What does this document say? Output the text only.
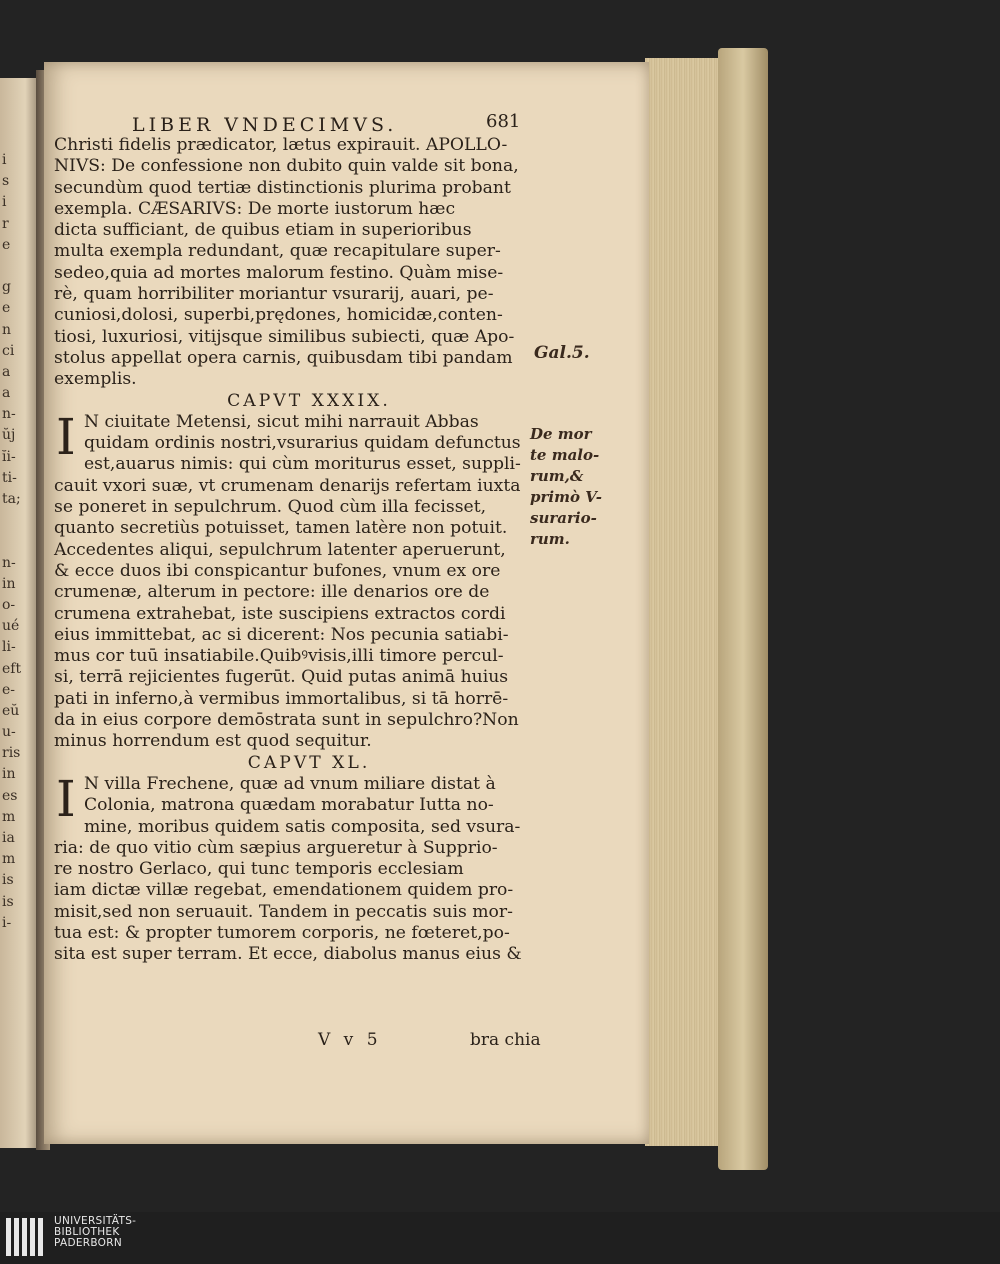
i
s
i
r
e
g
e
n
ci
a
a
n-
ŭj
ĭi-
ti-
ta;
n-
in
o-
ué
li-
eft
e-
eŭ
u-
ris
in
es
m
ia
m
is
is
i-
LIBER VNDECIMVS.	681
Christi fidelis prædicator, lætus expirauit. APOLLO-
NIVS: De confessione non dubito quin valde sit bona,
secundùm quod tertiæ distinctionis plurima probant
exempla. CÆSARIVS: De morte iustorum hæc
dicta sufficiant, de quibus etiam in superioribus
multa exempla redundant, quæ recapitulare super-
sedeo,quia ad mortes malorum festino. Quàm mise-
rè, quam horribiliter moriantur vsurarij, auari, pe-
cuniosi,dolosi, superbi,prędones, homicidæ,conten-
tiosi, luxuriosi, vitijsque similibus subiecti, quæ Apo-
stolus appellat opera carnis, quibusdam tibi pandam
exemplis.
CAPVT XXXIX.
N ciuitate Metensi, sicut mihi narrauit Abbas
quidam ordinis nostri,vsurarius quidam defunctus
est,auarus nimis: qui cùm moriturus esset, suppli-
cauit vxori suæ, vt crumenam denarijs refertam iuxta
se poneret in sepulchrum. Quod cùm illa fecisset,
quanto secretiùs potuisset, tamen latère non potuit.
Accedentes aliqui, sepulchrum latenter aperuerunt,
& ecce duos ibi conspicantur bufones, vnum ex ore
crumenæ, alterum in pectore: ille denarios ore de
crumena extrahebat, iste suscipiens extractos cordi
eius immittebat, ac si dicerent: Nos pecunia satiabi-
mus cor tuū insatiabile.Quibꝰvisis,illi timore percul-
si, terrā rejicientes fugerūt. Quid putas animā huius
pati in inferno,à vermibus immortalibus, si tā horrē-
da in eius corpore demōstrata sunt in sepulchro?Non
minus horrendum est quod sequitur.
I
CAPVT XL.
N villa Frechene, quæ ad vnum miliare distat à
Colonia, matrona quædam morabatur Iutta no-
mine, moribus quidem satis composita, sed vsura-
ria: de quo vitio cùm sæpius argueretur à Supprio-
re nostro Gerlaco, qui tunc temporis ecclesiam
iam dictæ villæ regebat, emendationem quidem pro-
misit,sed non seruauit. Tandem in peccatis suis mor-
tua est: & propter tumorem corporis, ne fœteret,po-
sita est super terram. Et ecce, diabolus manus eius &
I
Gal.5.
De mor
te malo-
rum,&
primò V-
surario-
rum.
V v 5	bra chia
UNIVERSITÄTS-
BIBLIOTHEK
PADERBORN
